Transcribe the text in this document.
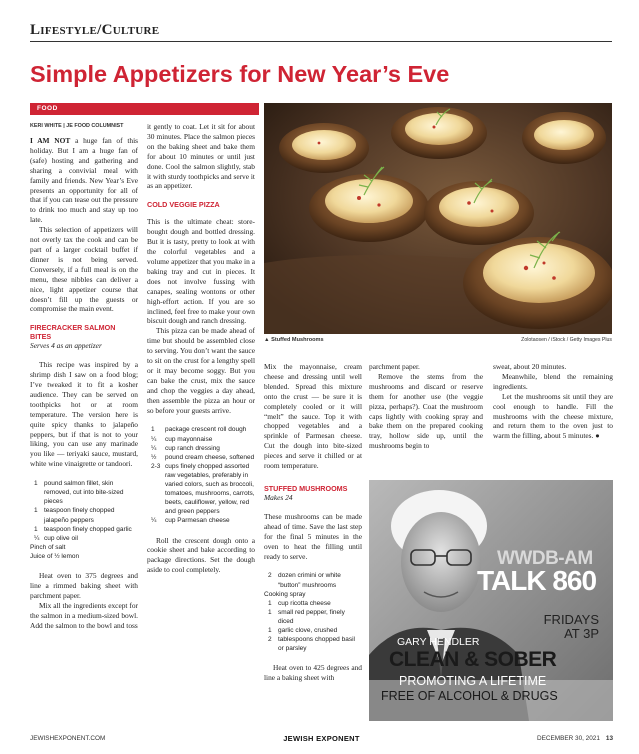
Lifestyle/Culture
Simple Appetizers for New Year’s Eve
FOOD
KERI WHITE | JE FOOD COLUMNIST

I AM NOT a huge fan of this holiday. But I am a huge fan of (safe) hosting and gathering and sharing a convivial meal with family and friends. New Year’s Eve presents an opportunity for all of that if you can tease out the pressure to drink too much and stay up too late.

This selection of appetizers will not overly tax the cook and can be part of a larger cocktail buffet if dinner is not being served. Conversely, if a full meal is on the menu, these nibbles can deliver a nice, light appetizer course that doesn’t fill up the guests or compromise the main event.

FIRECRACKER SALMON BITES
Serves 4 as an appetizer

This recipe was inspired by a shrimp dish I saw on a food blog; I’ve tweaked it to fit a kosher audience. They can be served on toothpicks hot or at room temperature. The version here is quite spicy thanks to jalapeño peppers, but if that is not to your liking, you can use any marinade you like — teriyaki sauce, mustard, white wine vinaigrette or tandoori.

1 pound salmon fillet, skin removed, cut into bite-sized pieces
1 teaspoon finely chopped jalapeño peppers
1 teaspoon finely chopped garlic
¼ cup olive oil
Pinch of salt
Juice of ½ lemon

Heat oven to 375 degrees and line a rimmed baking sheet with parchment paper.

Mix all the ingredients except for the salmon in a medium-sized bowl. Add the salmon to the bowl and toss

it gently to coat. Let it sit for about 30 minutes. Place the salmon pieces on the baking sheet and bake them for about 10 minutes or until just done. Cool the salmon slightly, stab it with sturdy toothpicks and serve it as an appetizer.

COLD VEGGIE PIZZA

This is the ultimate cheat: store-bought dough and bottled dressing. But it is tasty, pretty to look at with the colorful vegetables and a volume appetizer that you make in a baking tray and cut in pieces. It does not involve fussing with canapes, sealing wontons or other high-effort action. If you are so inclined, feel free to make your own biscuit dough and ranch dressing.

This pizza can be made ahead of time but should be assembled close to serving. You don’t want the sauce to sit on the crust for a lengthy spell or it may become soggy. But you can bake the crust, mix the sauce and chop the veggies a day ahead, then assemble the pizza an hour or so before your guests arrive.

1	package crescent roll dough
¼	cup mayonnaise
¼	cup ranch dressing
½	pound cream cheese, softened
2-3 cups finely chopped assorted raw vegetables, preferably in varied colors, such as broccoli, tomatoes, mushrooms, carrots, beets, cauliflower, yellow, red and green peppers
¼	cup Parmesan cheese

Roll the crescent dough onto a cookie sheet and bake according to package directions. Set the dough aside to cool completely.

▲ Stuffed Mushrooms	Zolotaosen / iStock / Getty Images Plus

Mix the mayonnaise, cream cheese and dressing until well blended. Spread this mixture onto the crust — be sure it is completely cooled or it will “melt” the sauce. Top it with chopped vegetables and a sprinkle of Parmesan cheese. Cut the dough into bite-sized pieces and serve it chilled or at room temperature.

STUFFED MUSHROOMS
Makes 24

These mushrooms can be made ahead of time. Save the last step for the final 5 minutes in the oven to heat the filling until ready to serve.

2 dozen crimini or white “button” mushrooms
Cooking spray
1 cup ricotta cheese
1 small red pepper, finely diced
1 garlic clove, crushed
2 tablespoons chopped basil or parsley

Heat oven to 425 degrees and line a baking sheet with

parchment paper.

Remove the stems from the mushrooms and discard or reserve them for another use (the veggie pizza, perhaps?). Coat the mushroom caps lightly with cooking spray and bake them on the prepared cooking tray, hollow side up, until the mushrooms begin to

sweat, about 20 minutes.

Meanwhile, blend the remaining ingredients.

Let the mushrooms sit until they are cool enough to handle. Fill the mushrooms with the cheese mixture, and return them to the oven just to warm the filling, about 5 minutes. ●

WWDB-AM
TALK 860
FRIDAYS
AT 3P
GARY HENDLER
CLEAN & SOBER
PROMOTING A LIFETIME
FREE OF ALCOHOL & DRUGS
JEWISHEXPONENT.COM	JEWISH EXPONENT	DECEMBER 30, 2021 13
